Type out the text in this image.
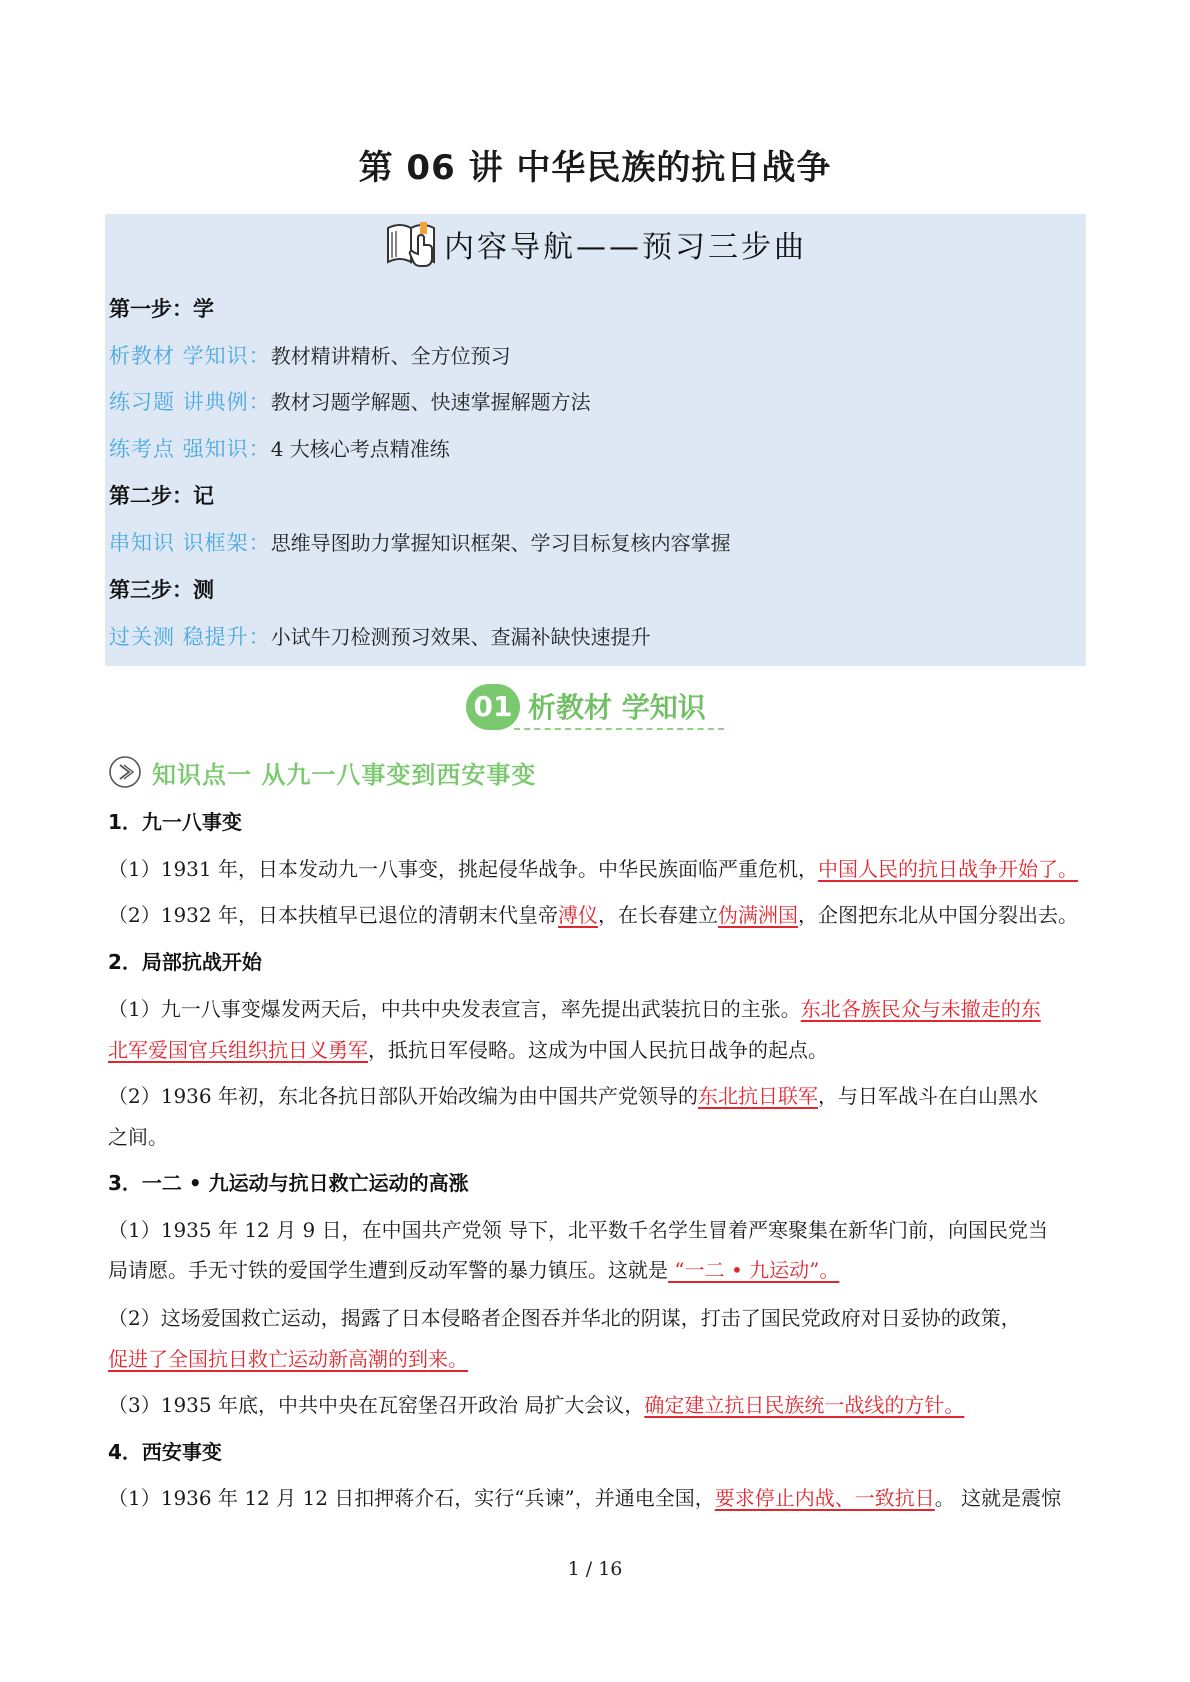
第 06 讲 中华民族的抗日战争
内容导航——预习三步曲
第一步：学
析教材 学知识：教材精讲精析、全方位预习
练习题 讲典例：教材习题学解题、快速掌握解题方法
练考点 强知识：4 大核心考点精准练
第二步：记
串知识 识框架：思维导图助力掌握知识框架、学习目标复核内容掌握
第三步：测
过关测 稳提升：小试牛刀检测预习效果、查漏补缺快速提升
01 析教材 学知识
知识点一 从九一八事变到西安事变
1．九一八事变
（1）1931 年，日本发动九一八事变，挑起侵华战争。中华民族面临严重危机，中国人民的抗日战争开始了。
（2）1932 年，日本扶植早已退位的清朝末代皇帝溥仪，在长春建立伪满洲国，企图把东北从中国分裂出去。
2．局部抗战开始
（1）九一八事变爆发两天后，中共中央发表宣言，率先提出武装抗日的主张。东北各族民众与未撤走的东
北军爱国官兵组织抗日义勇军，抵抗日军侵略。这成为中国人民抗日战争的起点。
（2）1936 年初，东北各抗日部队开始改编为由中国共产党领导的东北抗日联军，与日军战斗在白山黑水
之间。
3．一二 • 九运动与抗日救亡运动的高涨
（1）1935 年 12 月 9 日，在中国共产党领 导下，北平数千名学生冒着严寒聚集在新华门前，向国民党当
局请愿。手无寸铁的爱国学生遭到反动军警的暴力镇压。这就是 “一二 • 九运动”。
（2）这场爱国救亡运动，揭露了日本侵略者企图吞并华北的阴谋，打击了国民党政府对日妥协的政策，
促进了全国抗日救亡运动新高潮的到来。
（3）1935 年底，中共中央在瓦窑堡召开政治 局扩大会议，确定建立抗日民族统一战线的方针。
4．西安事变
（1）1936 年 12 月 12 日扣押蒋介石，实行“兵谏”，并通电全国，要求停止内战、一致抗日。 这就是震惊
1 / 16
